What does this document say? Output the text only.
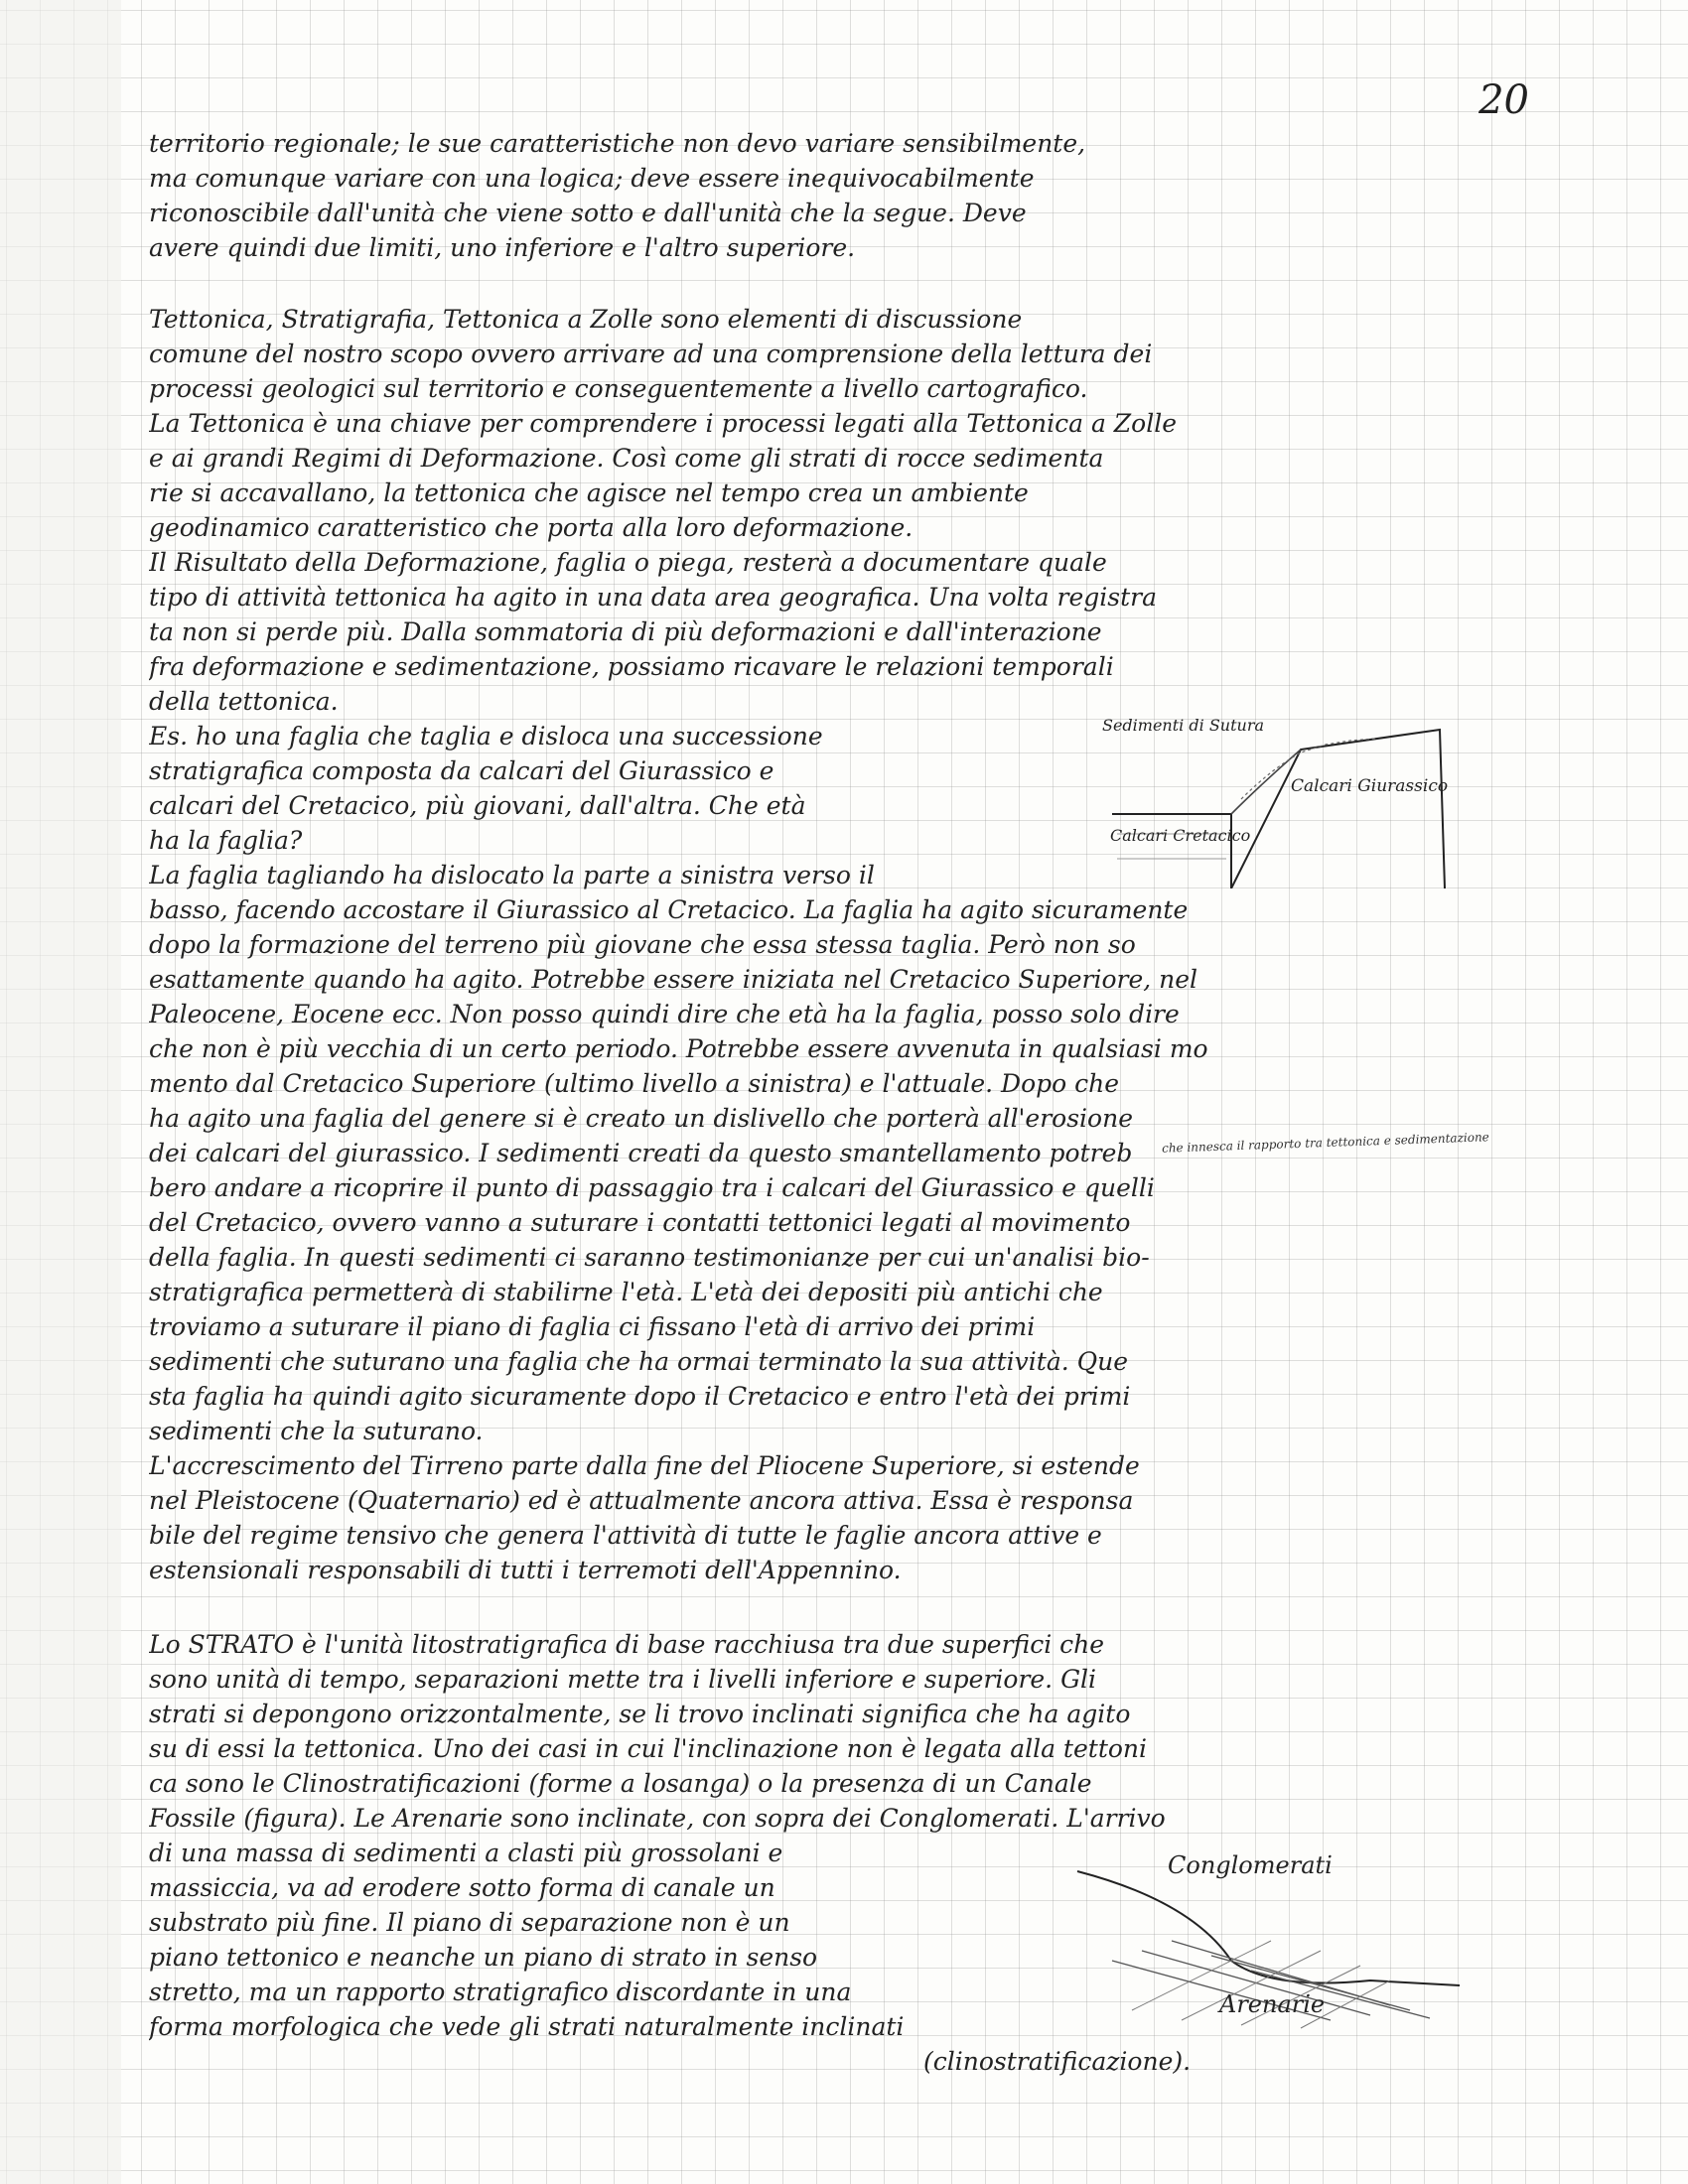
20
territorio regionale; le sue caratteristiche non devo variare sensibilmente,
ma comunque variare con una logica; deve essere inequivocabilmente
riconoscibile dall'unità che viene sotto e dall'unità che la segue. Deve
avere quindi due limiti, uno inferiore e l'altro superiore.
Tettonica, Stratigrafia, Tettonica a Zolle sono elementi di discussione
comune del nostro scopo ovvero arrivare ad una comprensione della lettura dei
processi geologici sul territorio e conseguentemente a livello cartografico.
La Tettonica è una chiave per comprendere i processi legati alla Tettonica a Zolle
e ai grandi Regimi di Deformazione. Così come gli strati di rocce sedimenta
rie si accavallano, la tettonica che agisce nel tempo crea un ambiente
geodinamico caratteristico che porta alla loro deformazione.
Il Risultato della Deformazione, faglia o piega, resterà a documentare quale
tipo di attività tettonica ha agito in una data area geografica. Una volta registra
ta non si perde più. Dalla sommatoria di più deformazioni e dall'interazione
fra deformazione e sedimentazione, possiamo ricavare le relazioni temporali
della tettonica.
Es. ho una faglia che taglia e disloca una successione
stratigrafica composta da calcari del Giurassico e
calcari del Cretacico, più giovani, dall'altra. Che età
ha la faglia?
La faglia tagliando ha dislocato la parte a sinistra verso il
basso, facendo accostare il Giurassico al Cretacico. La faglia ha agito sicuramente
dopo la formazione del terreno più giovane che essa stessa taglia. Però non so
esattamente quando ha agito. Potrebbe essere iniziata nel Cretacico Superiore, nel
Paleocene, Eocene ecc. Non posso quindi dire che età ha la faglia, posso solo dire
che non è più vecchia di un certo periodo. Potrebbe essere avvenuta in qualsiasi mo
mento dal Cretacico Superiore (ultimo livello a sinistra) e l'attuale. Dopo che
ha agito una faglia del genere si è creato un dislivello che porterà all'erosione
dei calcari del giurassico. I sedimenti creati da questo smantellamento potreb
bero andare a ricoprire il punto di passaggio tra i calcari del Giurassico e quelli
del Cretacico, ovvero vanno a suturare i contatti tettonici legati al movimento
della faglia. In questi sedimenti ci saranno testimonianze per cui un'analisi bio-
stratigrafica permetterà di stabilirne l'età. L'età dei depositi più antichi che
troviamo a suturare il piano di faglia ci fissano l'età di arrivo dei primi
sedimenti che suturano una faglia che ha ormai terminato la sua attività. Que
sta faglia ha quindi agito sicuramente dopo il Cretacico e entro l'età dei primi
sedimenti che la suturano.
L'accrescimento del Tirreno parte dalla fine del Pliocene Superiore, si estende
nel Pleistocene (Quaternario) ed è attualmente ancora attiva. Essa è responsa
bile del regime tensivo che genera l'attività di tutte le faglie ancora attive e
estensionali responsabili di tutti i terremoti dell'Appennino.
Lo STRATO è l'unità litostratigrafica di base racchiusa tra due superfici che
sono unità di tempo, separazioni mette tra i livelli inferiore e superiore. Gli
strati si depongono orizzontalmente, se li trovo inclinati significa che ha agito
su di essi la tettonica. Uno dei casi in cui l'inclinazione non è legata alla tettoni
ca sono le Clinostratificazioni (forme a losanga) o la presenza di un Canale
Fossile (figura). Le Arenarie sono inclinate, con sopra dei Conglomerati. L'arrivo
di una massa di sedimenti a clasti più grossolani e
massiccia, va ad erodere sotto forma di canale un
substrato più fine. Il piano di separazione non è un
piano tettonico e neanche un piano di strato in senso
stretto, ma un rapporto stratigrafico discordante in una
forma morfologica che vede gli strati naturalmente inclinati
(clinostratificazione).
che innesca il rapporto tra tettonica e sedimentazione
Sedimenti di Sutura
Calcari Giurassico
Calcari Cretacico
Conglomerati
Arenarie
